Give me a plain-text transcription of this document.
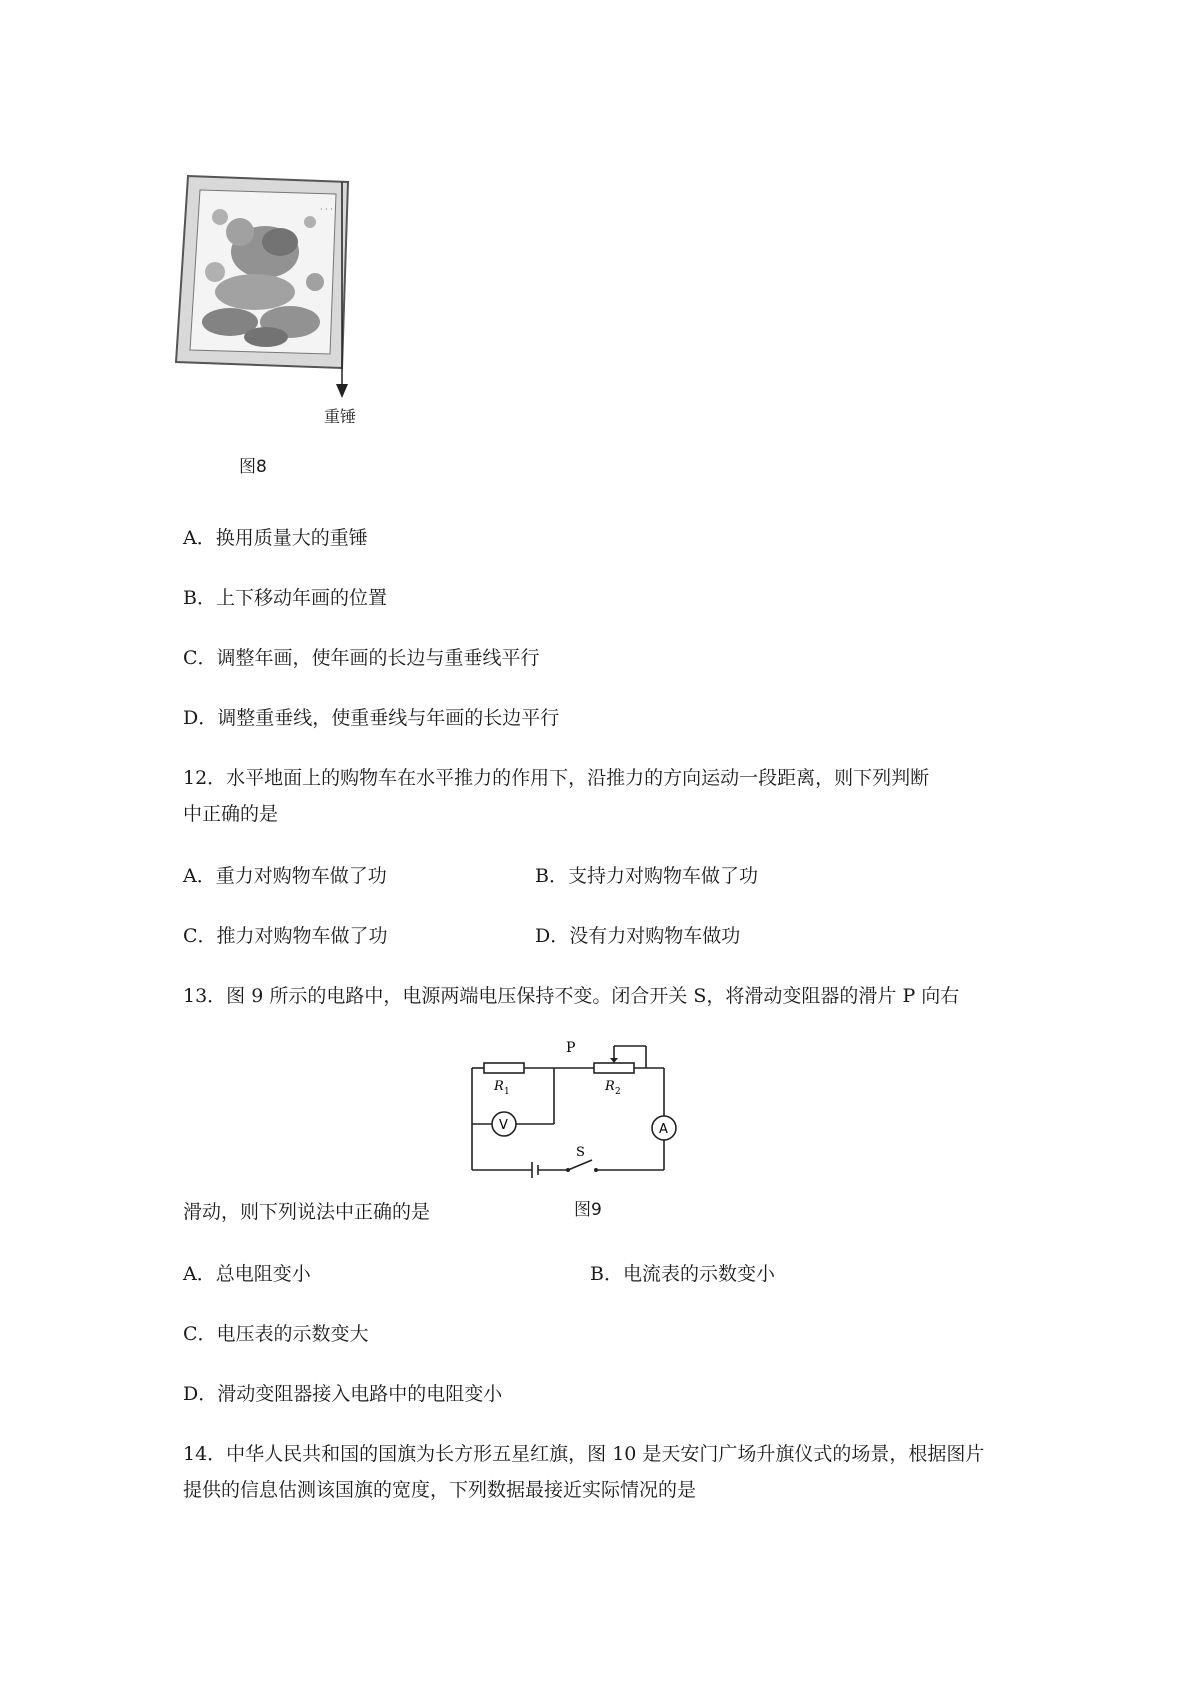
· · ·
重锤
图8
A．换用质量大的重锤
B．上下移动年画的位置
C．调整年画，使年画的长边与重垂线平行
D．调整重垂线，使重垂线与年画的长边平行
12．水平地面上的购物车在水平推力的作用下，沿推力的方向运动一段距离，则下列判断
中正确的是
A．重力对购物车做了功	B．支持力对购物车做了功
C．推力对购物车做了功	D．没有力对购物车做功
13．图 9 所示的电路中，电源两端电压保持不变。闭合开关 S，将滑动变阻器的滑片 P 向右
P
R 1	R 2
V	A
S
图9
滑动，则下列说法中正确的是
A．总电阻变小	B．电流表的示数变小
C．电压表的示数变大
D．滑动变阻器接入电路中的电阻变小
14．中华人民共和国的国旗为长方形五星红旗，图 10 是天安门广场升旗仪式的场景，根据图片
提供的信息估测该国旗的宽度，下列数据最接近实际情况的是
